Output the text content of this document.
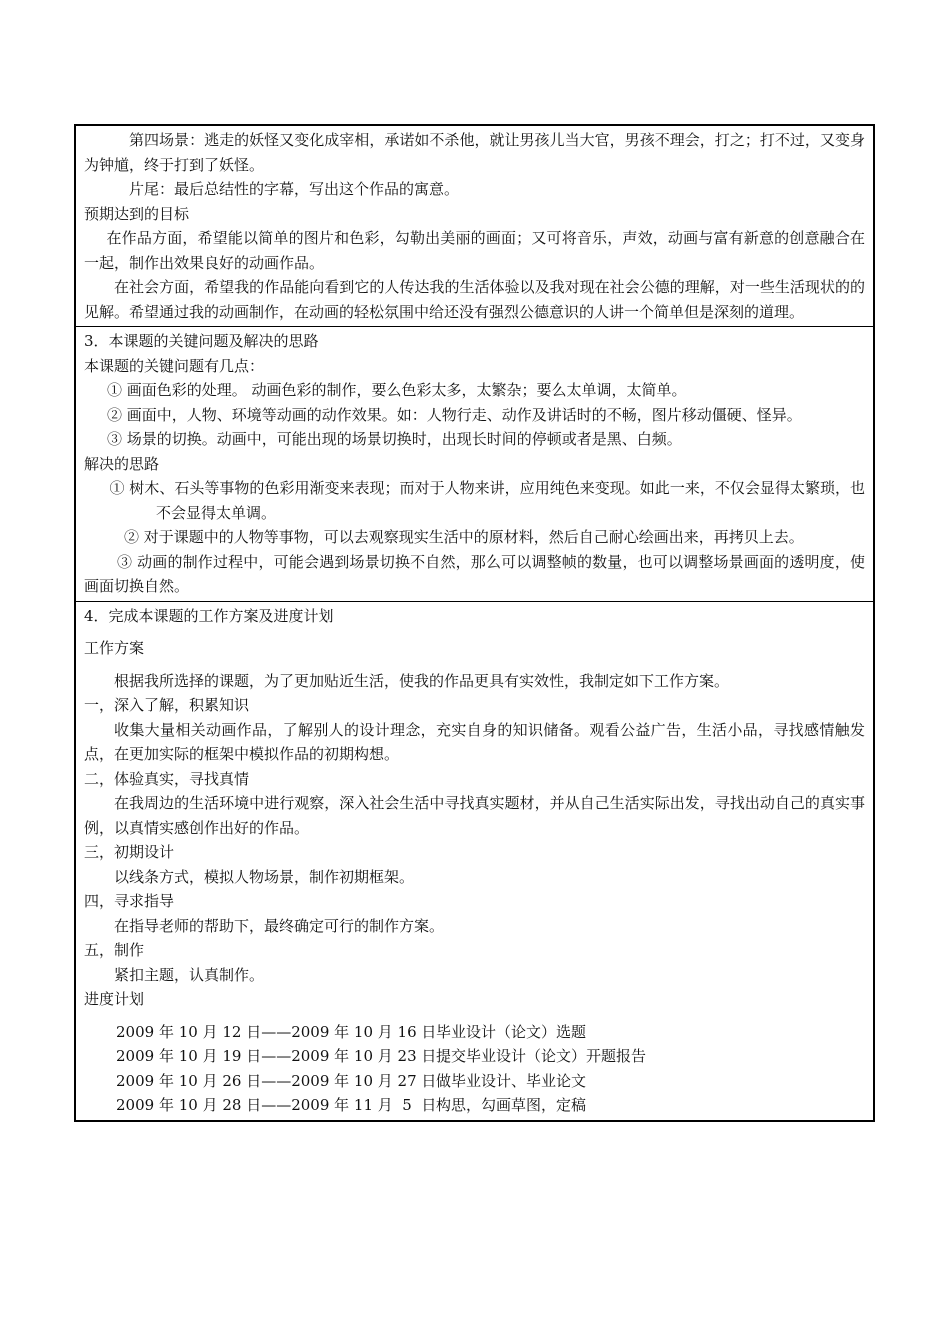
第四场景：逃走的妖怪又变化成宰相，承诺如不杀他，就让男孩儿当大官，男孩不理会，打之；打不过，又变身为钟馗，终于打到了妖怪。

片尾：最后总结性的字幕，写出这个作品的寓意。

预期达到的目标

在作品方面，希望能以简单的图片和色彩，勾勒出美丽的画面；又可将音乐，声效，动画与富有新意的创意融合在一起，制作出效果良好的动画作品。

在社会方面，希望我的作品能向看到它的人传达我的生活体验以及我对现在社会公德的理解，对一些生活现状的的见解。希望通过我的动画制作，在动画的轻松氛围中给还没有强烈公德意识的人讲一个简单但是深刻的道理。

3．本课题的关键问题及解决的思路

本课题的关键问题有几点：

① 画面色彩的处理。 动画色彩的制作，要么色彩太多，太繁杂；要么太单调，太简单。

② 画面中，人物、环境等动画的动作效果。如：人物行走、动作及讲话时的不畅，图片移动僵硬、怪异。

③ 场景的切换。动画中，可能出现的场景切换时，出现长时间的停顿或者是黑、白频。

解决的思路

① 树木、石头等事物的色彩用渐变来表现；而对于人物来讲，应用纯色来变现。如此一来，不仅会显得太繁琐，也不会显得太单调。

② 对于课题中的人物等事物，可以去观察现实生活中的原材料，然后自己耐心绘画出来，再拷贝上去。

③ 动画的制作过程中，可能会遇到场景切换不自然，那么可以调整帧的数量，也可以调整场景画面的透明度，使画面切换自然。

4．完成本课题的工作方案及进度计划

工作方案

根据我所选择的课题，为了更加贴近生活，使我的作品更具有实效性，我制定如下工作方案。

一，深入了解，积累知识

收集大量相关动画作品，了解别人的设计理念，充实自身的知识储备。观看公益广告，生活小品，寻找感情触发点，在更加实际的框架中模拟作品的初期构想。

二，体验真实，寻找真情

在我周边的生活环境中进行观察，深入社会生活中寻找真实题材，并从自己生活实际出发，寻找出动自己的真实事例，以真情实感创作出好的作品。

三，初期设计

以线条方式，模拟人物场景，制作初期框架。

四，寻求指导

在指导老师的帮助下，最终确定可行的制作方案。

五，制作

紧扣主题，认真制作。

进度计划

2009 年 10 月 12 日——2009 年 10 月 16 日 毕业设计（论文）选题
2009 年 10 月 19 日——2009 年 10 月 23 日 提交毕业设计（论文）开题报告
2009 年 10 月 26 日——2009 年 10 月 27 日 做毕业设计、毕业论文
2009 年 10 月 28 日——2009 年 11 月  5  日 构思，勾画草图，定稿
